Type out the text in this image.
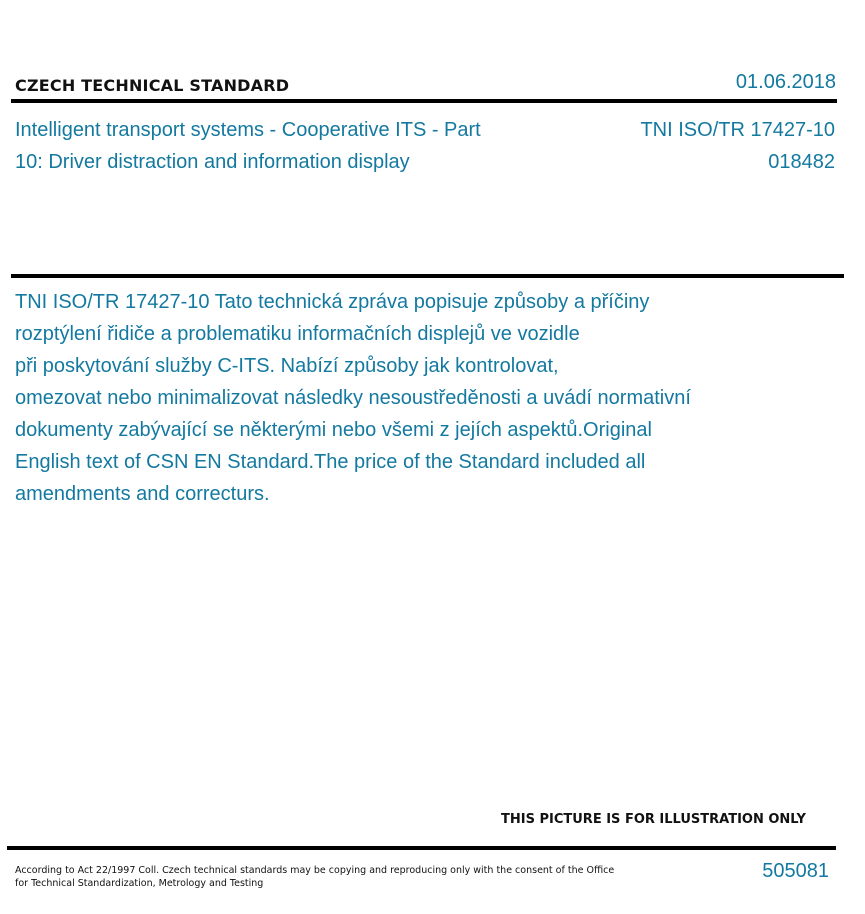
CZECH TECHNICAL STANDARD	01.06.2018
Intelligent transport systems - Cooperative ITS - Part
10: Driver distraction and information display
TNI ISO/TR 17427-10
018482
TNI ISO/TR 17427-10 Tato technická zpráva popisuje způsoby a příčiny
rozptýlení řidiče a problematiku informačních displejů ve vozidle
při poskytování služby C-ITS. Nabízí způsoby jak kontrolovat,
omezovat nebo minimalizovat následky nesoustředěnosti a uvádí normativní
dokumenty zabývající se některými nebo všemi z jejích aspektů.Original
English text of CSN EN Standard.The price of the Standard included all
amendments and correcturs.
THIS PICTURE IS FOR ILLUSTRATION ONLY
According to Act 22/1997 Coll. Czech technical standards may be copying and reproducing only with the consent of the Office
for Technical Standardization, Metrology and Testing
505081
